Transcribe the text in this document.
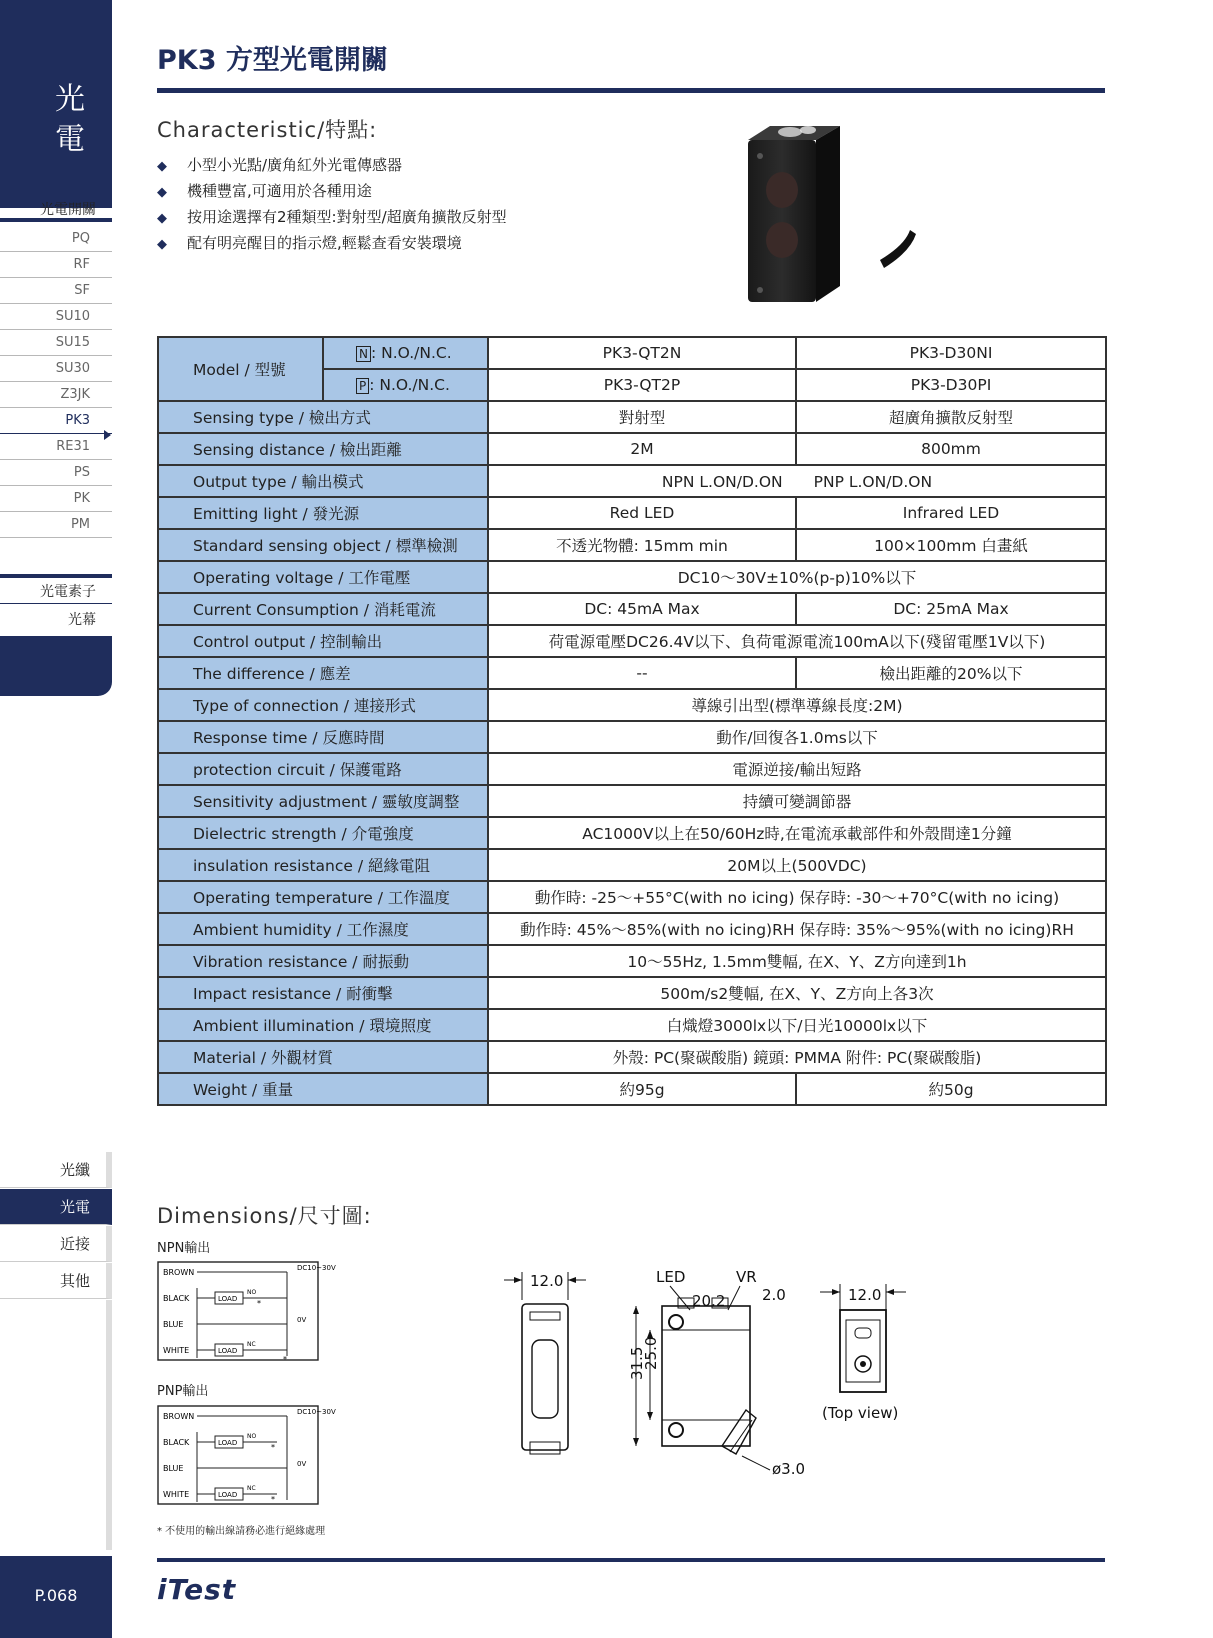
光
電
光電開關
PQ
RF
SF
SU10
SU15
SU30
Z3JK
PK3
RE31
PS
PK
PM
光電素子
光幕
光纖
光電
近接
其他
P.068
PK3 方型光電開關
Characteristic/特點:
◆ 小型小光點/廣角紅外光電傳感器
◆ 機種豐富,可適用於各種用途
◆ 按用途選擇有2種類型:對射型/超廣角擴散反射型
◆ 配有明亮醒目的指示燈,輕鬆查看安裝環境
Model / 型號	N : N.O./N.C.	PK3-QT2N	PK3-D30NI
	P : N.O./N.C.	PK3-QT2P	PK3-D30PI
Sensing type / 檢出方式		對射型	超廣角擴散反射型
Sensing distance / 檢出距離		2M	800mm
Output type / 輸出模式		NPN L.ON/D.ON　　PNP L.ON/D.ON	
Emitting light / 發光源		Red LED	Infrared LED
Standard sensing object / 標準檢測		不透光物體: 15mm min	100×100mm 白畫紙
Operating voltage / 工作電壓		DC10～30V±10%(p-p)10%以下	
Current Consumption / 消耗電流		DC: 45mA Max	DC: 25mA Max
Control output / 控制輸出		荷電源電壓DC26.4V以下、負荷電源電流100mA以下(殘留電壓1V以下)	
The difference / 應差		--	檢出距離的20%以下
Type of connection / 連接形式		導線引出型(標準導線長度:2M)	
Response time / 反應時間		動作/回復各1.0ms以下	
protection circuit / 保護電路		電源逆接/輸出短路	
Sensitivity adjustment / 靈敏度調整		持續可變調節器	
Dielectric strength / 介電強度		AC1000V以上在50/60Hz時,在電流承載部件和外殼間達1分鐘	
insulation resistance / 絕緣電阻		20M以上(500VDC)	
Operating temperature / 工作溫度		動作時: -25～+55°C(with no icing) 保存時: -30～+70°C(with no icing)	
Ambient humidity / 工作濕度		動作時: 45%～85%(with no icing)RH 保存時: 35%～95%(with no icing)RH	
Vibration resistance / 耐振動		10～55Hz, 1.5mm雙幅, 在X、Y、Z方向達到1h	
Impact resistance / 耐衝擊		500m/s2雙幅, 在X、Y、Z方向上各3次	
Ambient illumination / 環境照度		白熾燈3000lx以下/日光10000lx以下	
Material / 外觀材質		外殼: PC(聚碳酸脂) 鏡頭: PMMA 附件: PC(聚碳酸脂)	
Weight / 重量		約95g	約50g
Dimensions/尺寸圖:
NPN輸出
BROWN
BLACK
BLUE
WHITE
LOAD
LOAD
NO
NC
*
*
DC10~30V
0V
PNP輸出
BROWN
BLACK
BLUE
WHITE
LOAD
LOAD
NO
NC
*
*
DC10~30V
0V
* 不使用的輸出線請務必進行絕緣處理
12.0	LED	VR
20.2 2.0
31.5
25.0
ø3.0
12.0
(Top view)
iTest
